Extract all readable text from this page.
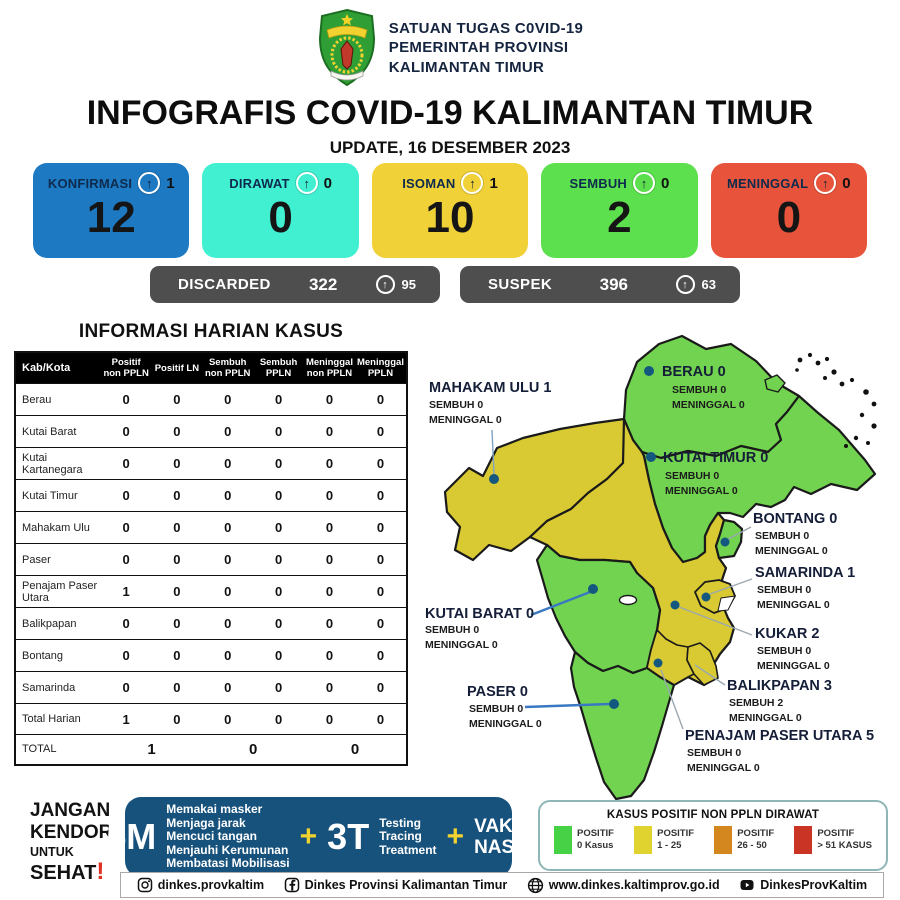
SATUAN TUGAS C0VID-19
PEMERINTAH PROVINSI
KALIMANTAN TIMUR
INFOGRAFIS COVID-19 KALIMANTAN TIMUR
UPDATE, 16 DESEMBER 2023
KONFIRMASI	↑ 1
12
DIRAWAT	↑ 0
0
ISOMAN	↑ 1
10
SEMBUH	↑ 0
2
MENINGGAL	↑ 0
0
DISCARDED	322	↑	95	SUSPEK	396	↑	63
INFORMASI HARIAN KASUS
Kab/Kota	Positif non PPLN	Positif LN	Sembuh non PPLN	Sembuh PPLN	Meninggal non PPLN	Meninggal PPLN
Berau	0	0	0	0	0	0
Kutai Barat	0	0	0	0	0	0
Kutai Kartanegara	0	0	0	0	0	0
Kutai Timur	0	0	0	0	0	0
Mahakam Ulu	0	0	0	0	0	0
Paser	0	0	0	0	0	0
Penajam Paser Utara	1	0	0	0	0	0
Balikpapan	0	0	0	0	0	0
Bontang	0	0	0	0	0	0
Samarinda	0	0	0	0	0	0
Total Harian	1	0	0	0	0	0
TOTAL	1		0		0	
MAHAKAM ULU 1
SEMBUH 0
MENINGGAL 0
BERAU 0
SEMBUH 0
MENINGGAL 0
KUTAI TIMUR 0
SEMBUH 0
MENINGGAL 0
BONTANG 0
SEMBUH 0
MENINGGAL 0
SAMARINDA 1
SEMBUH 0
MENINGGAL 0
KUKAR 2
SEMBUH 0
MENINGGAL 0
BALIKPAPAN 3
SEMBUH 2
MENINGGAL 0
PENAJAM PASER UTARA 5
SEMBUH 0
MENINGGAL 0
KUTAI BARAT 0
SEMBUH 0
MENINGGAL 0
PASER 0
SEMBUH 0
MENINGGAL 0
JANGAN
KENDOR
UNTUK
SEHAT!
5M
Memakai masker
Menjaga jarak
Mencuci tangan
Menjauhi Kerumunan
Membatasi Mobilisasi
+ 3T Testing
Tracing
Treatment + VAKSI
NASI
KASUS POSITIF NON PPLN DIRAWAT
POSITIF
0 Kasus
POSITIF
1 - 25
POSITIF
26 - 50
POSITIF
> 51 KASUS
dinkes.provkaltim	Dinkes Provinsi Kalimantan Timur	www.dinkes.kaltimprov.go.id	DinkesProvKaltim
